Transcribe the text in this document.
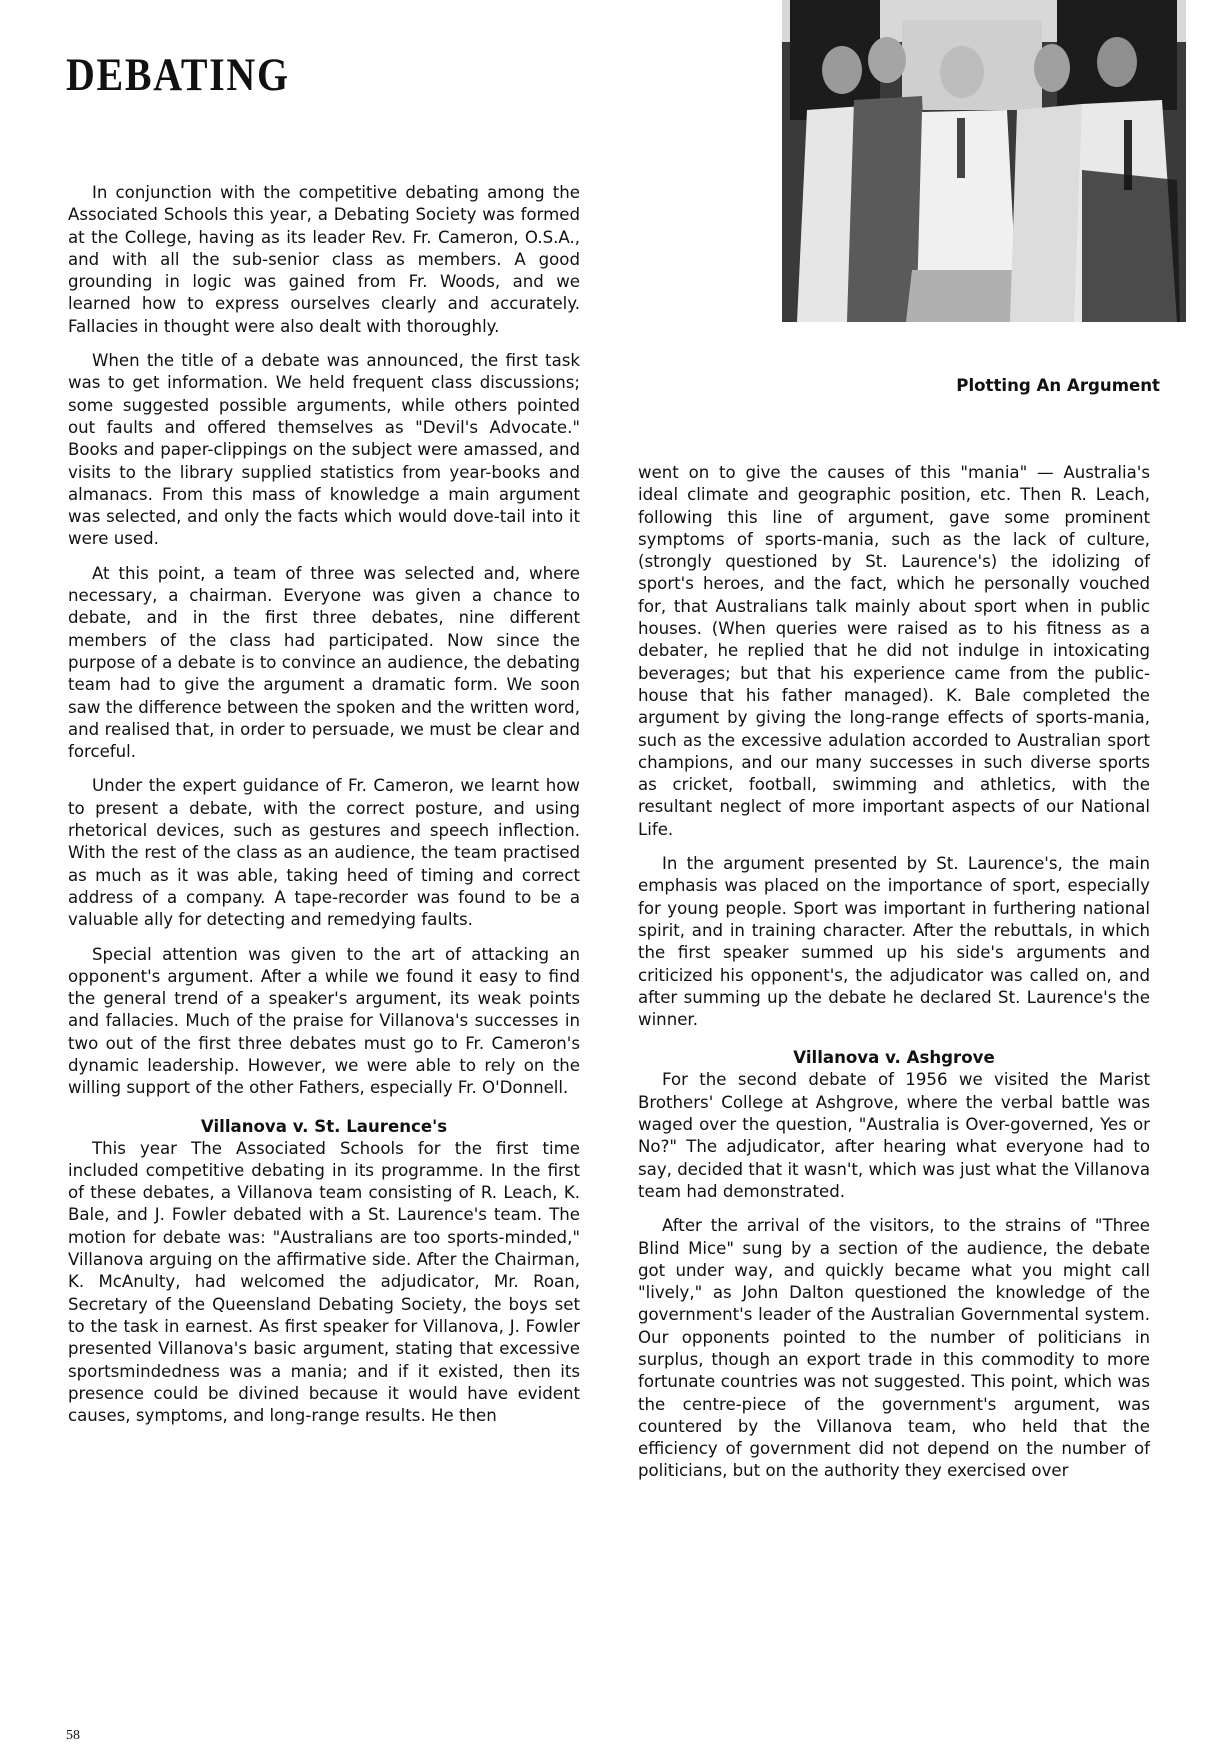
DEBATING

In conjunction with the competitive debating among the Associated Schools this year, a Debating Society was formed at the College, having as its leader Rev. Fr. Cameron, O.S.A., and with all the sub-senior class as members. A good grounding in logic was gained from Fr. Woods, and we learned how to express ourselves clearly and accurately. Fallacies in thought were also dealt with thoroughly.

When the title of a debate was announced, the first task was to get information. We held frequent class discussions; some suggested possible arguments, while others pointed out faults and offered themselves as "Devil's Advocate." Books and paper-clippings on the subject were amassed, and visits to the library supplied statistics from year-books and almanacs. From this mass of knowledge a main argument was selected, and only the facts which would dove-tail into it were used.

At this point, a team of three was selected and, where necessary, a chairman. Everyone was given a chance to debate, and in the first three debates, nine different members of the class had participated. Now since the purpose of a debate is to convince an audience, the debating team had to give the argument a dramatic form. We soon saw the difference between the spoken and the written word, and realised that, in order to persuade, we must be clear and forceful.

Under the expert guidance of Fr. Cameron, we learnt how to present a debate, with the correct posture, and using rhetorical devices, such as gestures and speech inflection. With the rest of the class as an audience, the team practised as much as it was able, taking heed of timing and correct address of a company. A tape-recorder was found to be a valuable ally for detecting and remedying faults.

Special attention was given to the art of attacking an opponent's argument. After a while we found it easy to find the general trend of a speaker's argument, its weak points and fallacies. Much of the praise for Villanova's successes in two out of the first three debates must go to Fr. Cameron's dynamic leadership. However, we were able to rely on the willing support of the other Fathers, especially Fr. O'Donnell.

Villanova v. St. Laurence's

This year The Associated Schools for the first time included competitive debating in its programme. In the first of these debates, a Villanova team consisting of R. Leach, K. Bale, and J. Fowler debated with a St. Laurence's team. The motion for debate was: "Australians are too sports-minded," Villanova arguing on the affirmative side. After the Chairman, K. McAnulty, had welcomed the adjudicator, Mr. Roan, Secretary of the Queensland Debating Society, the boys set to the task in earnest. As first speaker for Villanova, J. Fowler presented Villanova's basic argument, stating that excessive sportsmindedness was a mania; and if it existed, then its presence could be divined because it would have evident causes, symptoms, and long-range results. He then

Plotting An Argument

went on to give the causes of this "mania" — Australia's ideal climate and geographic position, etc. Then R. Leach, following this line of argument, gave some prominent symptoms of sports-mania, such as the lack of culture, (strongly questioned by St. Laurence's) the idolizing of sport's heroes, and the fact, which he personally vouched for, that Australians talk mainly about sport when in public houses. (When queries were raised as to his fitness as a debater, he replied that he did not indulge in intoxicating beverages; but that his experience came from the public-house that his father managed). K. Bale completed the argument by giving the long-range effects of sports-mania, such as the excessive adulation accorded to Australian sport champions, and our many successes in such diverse sports as cricket, football, swimming and athletics, with the resultant neglect of more important aspects of our National Life.

In the argument presented by St. Laurence's, the main emphasis was placed on the importance of sport, especially for young people. Sport was important in furthering national spirit, and in training character. After the rebuttals, in which the first speaker summed up his side's arguments and criticized his opponent's, the adjudicator was called on, and after summing up the debate he declared St. Laurence's the winner.

Villanova v. Ashgrove

For the second debate of 1956 we visited the Marist Brothers' College at Ashgrove, where the verbal battle was waged over the question, "Australia is Over-governed, Yes or No?" The adjudicator, after hearing what everyone had to say, decided that it wasn't, which was just what the Villanova team had demonstrated.

After the arrival of the visitors, to the strains of "Three Blind Mice" sung by a section of the audience, the debate got under way, and quickly became what you might call "lively," as John Dalton questioned the knowledge of the government's leader of the Australian Governmental system. Our opponents pointed to the number of politicians in surplus, though an export trade in this commodity to more fortunate countries was not suggested. This point, which was the centre-piece of the government's argument, was countered by the Villanova team, who held that the efficiency of government did not depend on the number of politicians, but on the authority they exercised over

58
